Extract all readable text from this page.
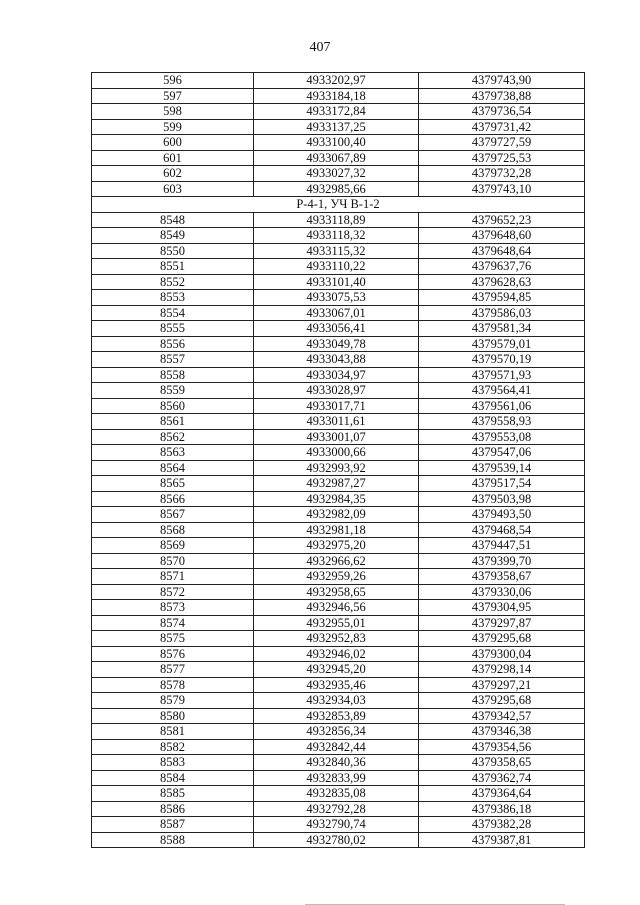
407
596	4933202,97	4379743,90
597	4933184,18	4379738,88
598	4933172,84	4379736,54
599	4933137,25	4379731,42
600	4933100,40	4379727,59
601	4933067,89	4379725,53
602	4933027,32	4379732,28
603	4932985,66	4379743,10
Р-4-1, УЧ В-1-2		
8548	4933118,89	4379652,23
8549	4933118,32	4379648,60
8550	4933115,32	4379648,64
8551	4933110,22	4379637,76
8552	4933101,40	4379628,63
8553	4933075,53	4379594,85
8554	4933067,01	4379586,03
8555	4933056,41	4379581,34
8556	4933049,78	4379579,01
8557	4933043,88	4379570,19
8558	4933034,97	4379571,93
8559	4933028,97	4379564,41
8560	4933017,71	4379561,06
8561	4933011,61	4379558,93
8562	4933001,07	4379553,08
8563	4933000,66	4379547,06
8564	4932993,92	4379539,14
8565	4932987,27	4379517,54
8566	4932984,35	4379503,98
8567	4932982,09	4379493,50
8568	4932981,18	4379468,54
8569	4932975,20	4379447,51
8570	4932966,62	4379399,70
8571	4932959,26	4379358,67
8572	4932958,65	4379330,06
8573	4932946,56	4379304,95
8574	4932955,01	4379297,87
8575	4932952,83	4379295,68
8576	4932946,02	4379300,04
8577	4932945,20	4379298,14
8578	4932935,46	4379297,21
8579	4932934,03	4379295,68
8580	4932853,89	4379342,57
8581	4932856,34	4379346,38
8582	4932842,44	4379354,56
8583	4932840,36	4379358,65
8584	4932833,99	4379362,74
8585	4932835,08	4379364,64
8586	4932792,28	4379386,18
8587	4932790,74	4379382,28
8588	4932780,02	4379387,81
